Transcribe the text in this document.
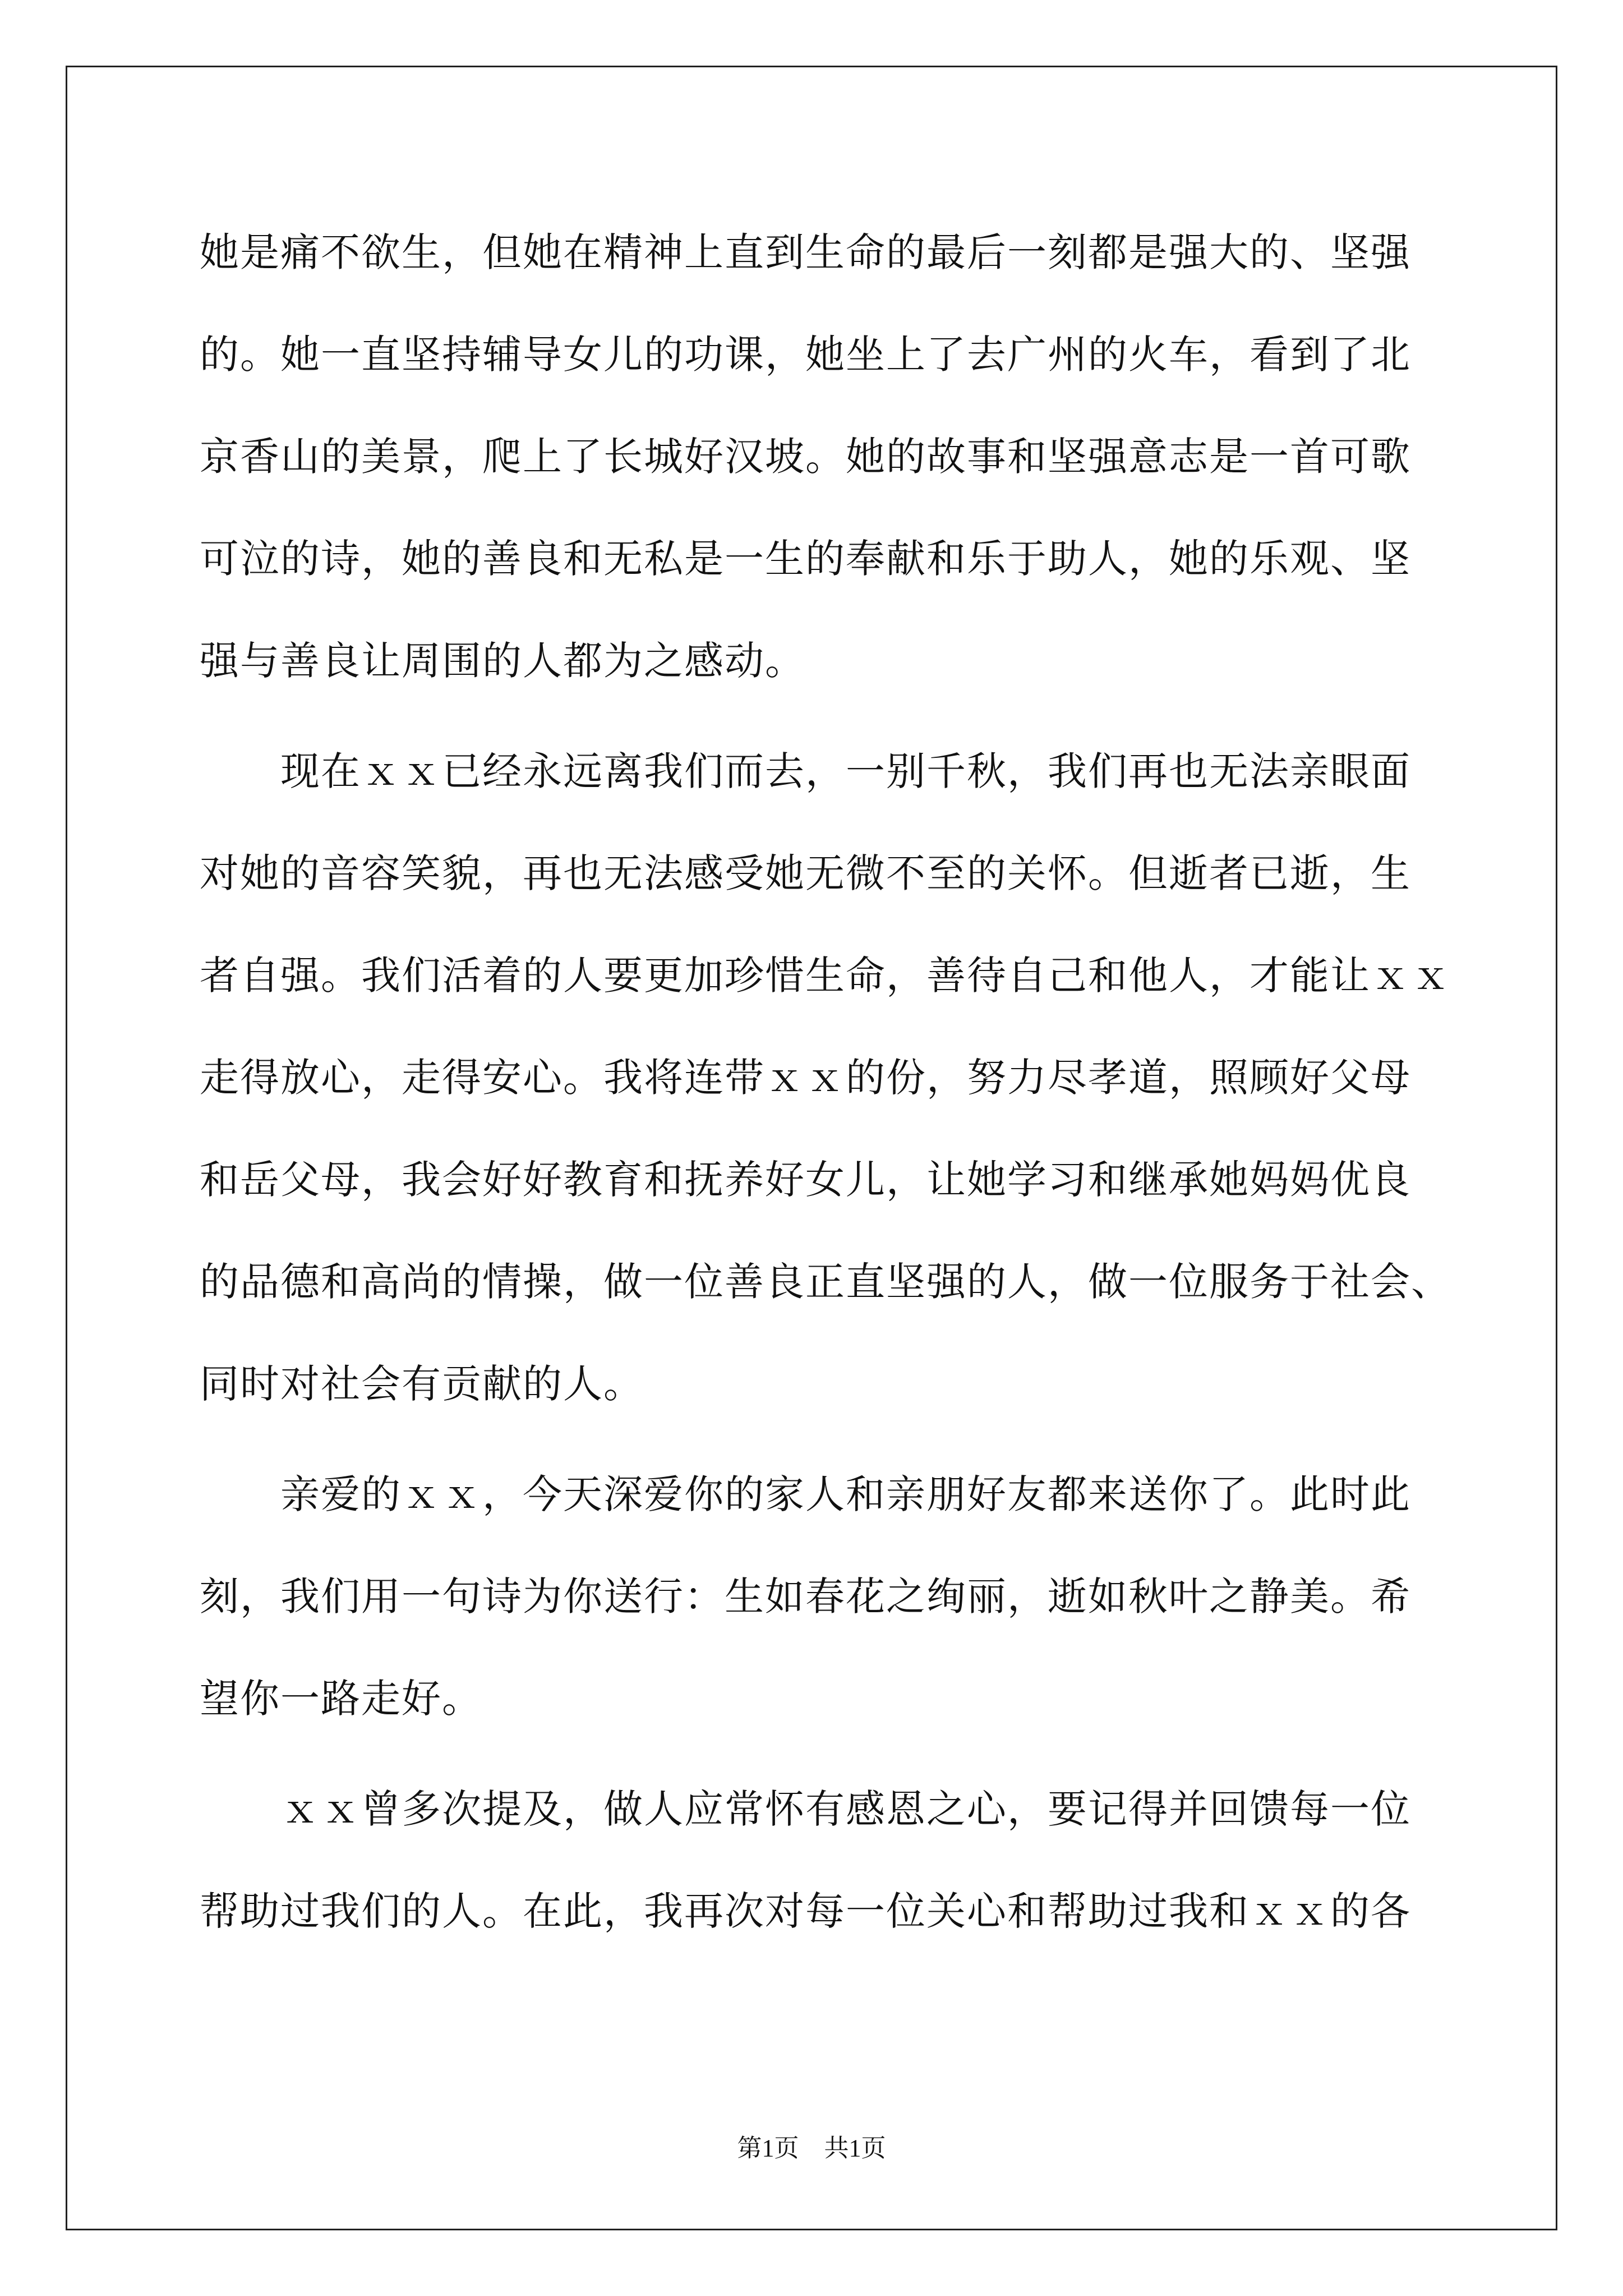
她是痛不欲生，但她在精神上直到生命的最后一刻都是强大的、坚强
的。她一直坚持辅导女儿的功课，她坐上了去广州的火车，看到了北
京香山的美景，爬上了长城好汉坡。她的故事和坚强意志是一首可歌
可泣的诗，她的善良和无私是一生的奉献和乐于助人，她的乐观、坚
强与善良让周围的人都为之感动。
现在ｘｘ已经永远离我们而去，一别千秋，我们再也无法亲眼面
对她的音容笑貌，再也无法感受她无微不至的关怀。但逝者已逝，生
者自强。我们活着的人要更加珍惜生命，善待自己和他人，才能让ｘｘ
走得放心，走得安心。我将连带ｘｘ的份，努力尽孝道，照顾好父母
和岳父母，我会好好教育和抚养好女儿，让她学习和继承她妈妈优良
的品德和高尚的情操，做一位善良正直坚强的人，做一位服务于社会、
同时对社会有贡献的人。
亲爱的ｘｘ，今天深爱你的家人和亲朋好友都来送你了。此时此
刻，我们用一句诗为你送行：生如春花之绚丽，逝如秋叶之静美。希
望你一路走好。
ｘｘ曾多次提及，做人应常怀有感恩之心，要记得并回馈每一位
帮助过我们的人。在此，我再次对每一位关心和帮助过我和ｘｘ的各
第1页 共1页
